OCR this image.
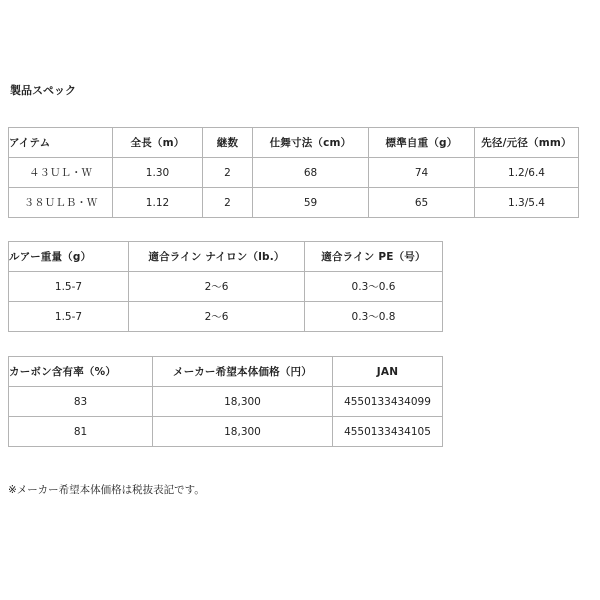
製品スペック
アイテム	全長（m）	継数	仕舞寸法（cm）	標準自重（g）	先径/元径（mm）
４３ＵＬ・Ｗ	1.30	2	68	74	1.2/6.4
３８ＵＬＢ・Ｗ	1.12	2	59	65	1.3/5.4
ルアー重量（g）	適合ライン ナイロン（lb.）	適合ライン PE（号）
1.5-7	2〜6	0.3〜0.6
1.5-7	2〜6	0.3〜0.8
カーボン含有率（%）	メーカー希望本体価格（円）	JAN
83	18,300	4550133434099
81	18,300	4550133434105

※メーカー希望本体価格は税抜表記です。
